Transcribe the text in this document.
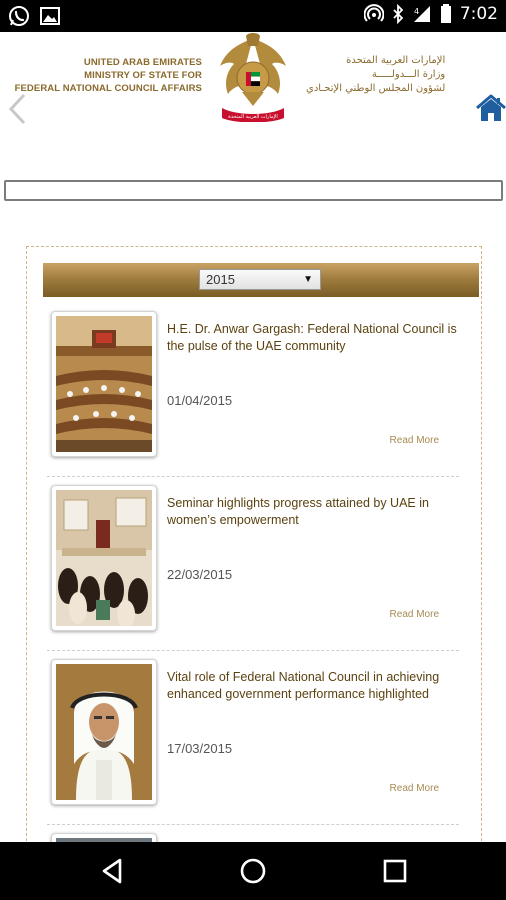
4 7:02
UNITED ARAB EMIRATES
MINISTRY OF STATE FOR
FEDERAL NATIONAL COUNCIL AFFAIRS
الإمارات العربية المتحدة
الإمارات العربية المتحدة
وزارة الـــدولـــــة
لشؤون المجلس الوطني الإتحـادي
2015	▼
H.E. Dr. Anwar Gargash: Federal National Council is the pulse of the UAE community
01/04/2015
Read More
Seminar highlights progress attained by UAE in women’s empowerment
22/03/2015
Read More
Vital role of Federal National Council in achieving enhanced government performance highlighted
17/03/2015
Read More
